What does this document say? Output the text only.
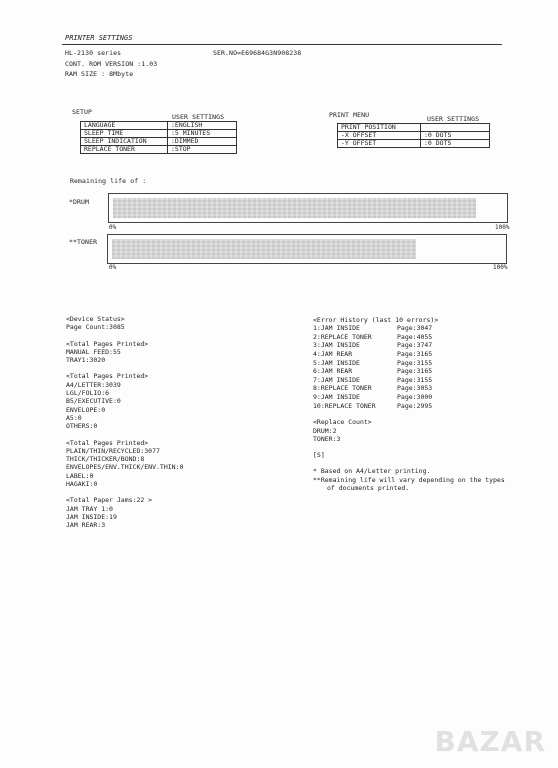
PRINTER SETTINGS
HL-2130 series	SER.NO=E69684G3N908238
CONT. ROM VERSION :1.03
RAM SIZE : 8Mbyte
SETUP
USER SETTINGS
LANGUAGE	:ENGLISH
SLEEP TIME	:5 MINUTES
SLEEP INDICATION	:DIMMED
REPLACE TONER	:STOP
PRINT MENU	USER SETTINGS
PRINT POSITION	
-X OFFSET	:0 DOTS
-Y OFFSET	:0 DOTS
Remaining life of :
*DRUM
0%	100%
**TONER
0%	100%
<Device Status>
Page Count:3085
<Total Pages Printed>
MANUAL FEED:55
TRAY1:3020
<Total Pages Printed>
A4/LETTER:3039
LGL/FOLIO:6
B5/EXECUTIVE:0
ENVELOPE:0
A5:0
OTHERS:0
<Total Pages Printed>
PLAIN/THIN/RECYCLED:3077
THICK/THICKER/BOND:8
ENVELOPES/ENV.THICK/ENV.THIN:0
LABEL:0
HAGAKI:0
<Total Paper Jams:22 >
JAM TRAY 1:0
JAM INSIDE:19
JAM REAR:3
<Error History (last 10 errors)>
1:JAM INSIDE	Page:3047
2:REPLACE TONER	Page:4055
3:JAM INSIDE	Page:3747
4:JAM REAR	Page:3165
5:JAM INSIDE	Page:3155
6:JAM REAR	Page:3165
7:JAM INSIDE	Page:3155
8:REPLACE TONER	Page:3053
9:JAM INSIDE	Page:3000
10:REPLACE TONER	Page:2995
<Replace Count>
DRUM:2
TONER:3
[S]
* Based on A4/Letter printing.
**Remaining life will vary depending on the types
of documents printed.
BAZAR
